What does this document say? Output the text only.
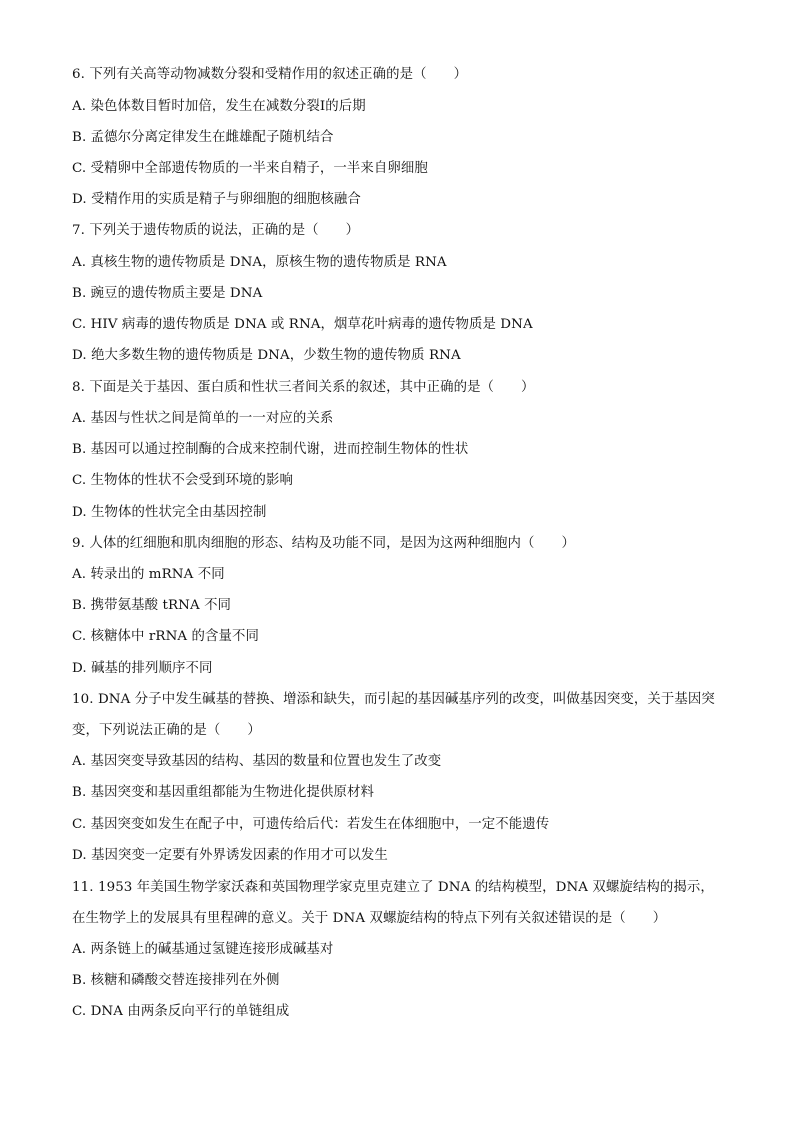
6. 下列有关高等动物减数分裂和受精作用的叙述正确的是（　　）
A. 染色体数目暂时加倍，发生在减数分裂Ⅰ的后期
B. 孟德尔分离定律发生在雌雄配子随机结合
C. 受精卵中全部遗传物质的一半来自精子，一半来自卵细胞
D. 受精作用的实质是精子与卵细胞的细胞核融合
7. 下列关于遗传物质的说法，正确的是（　　）
A. 真核生物的遗传物质是 DNA，原核生物的遗传物质是 RNA
B. 豌豆的遗传物质主要是 DNA
C. HIV 病毒的遗传物质是 DNA 或 RNA，烟草花叶病毒的遗传物质是 DNA
D. 绝大多数生物的遗传物质是 DNA，少数生物的遗传物质 RNA
8. 下面是关于基因、蛋白质和性状三者间关系的叙述，其中正确的是（　　）
A. 基因与性状之间是简单的一一对应的关系
B. 基因可以通过控制酶的合成来控制代谢，进而控制生物体的性状
C. 生物体的性状不会受到环境的影响
D. 生物体的性状完全由基因控制
9. 人体的红细胞和肌肉细胞的形态、结构及功能不同，是因为这两种细胞内（　　）
A. 转录出的 mRNA 不同
B. 携带氨基酸 tRNA 不同
C. 核糖体中 rRNA 的含量不同
D. 碱基的排列顺序不同
10. DNA 分子中发生碱基的替换、增添和缺失，而引起的基因碱基序列的改变，叫做基因突变，关于基因突变，下列说法正确的是（　　）
A. 基因突变导致基因的结构、基因的数量和位置也发生了改变
B. 基因突变和基因重组都能为生物进化提供原材料
C. 基因突变如发生在配子中，可遗传给后代：若发生在体细胞中，一定不能遗传
D. 基因突变一定要有外界诱发因素的作用才可以发生
11. 1953 年美国生物学家沃森和英国物理学家克里克建立了 DNA 的结构模型，DNA 双螺旋结构的揭示，在生物学上的发展具有里程碑的意义。关于 DNA 双螺旋结构的特点下列有关叙述错误的是（　　）
A. 两条链上的碱基通过氢键连接形成碱基对
B. 核糖和磷酸交替连接排列在外侧
C. DNA 由两条反向平行的单链组成
